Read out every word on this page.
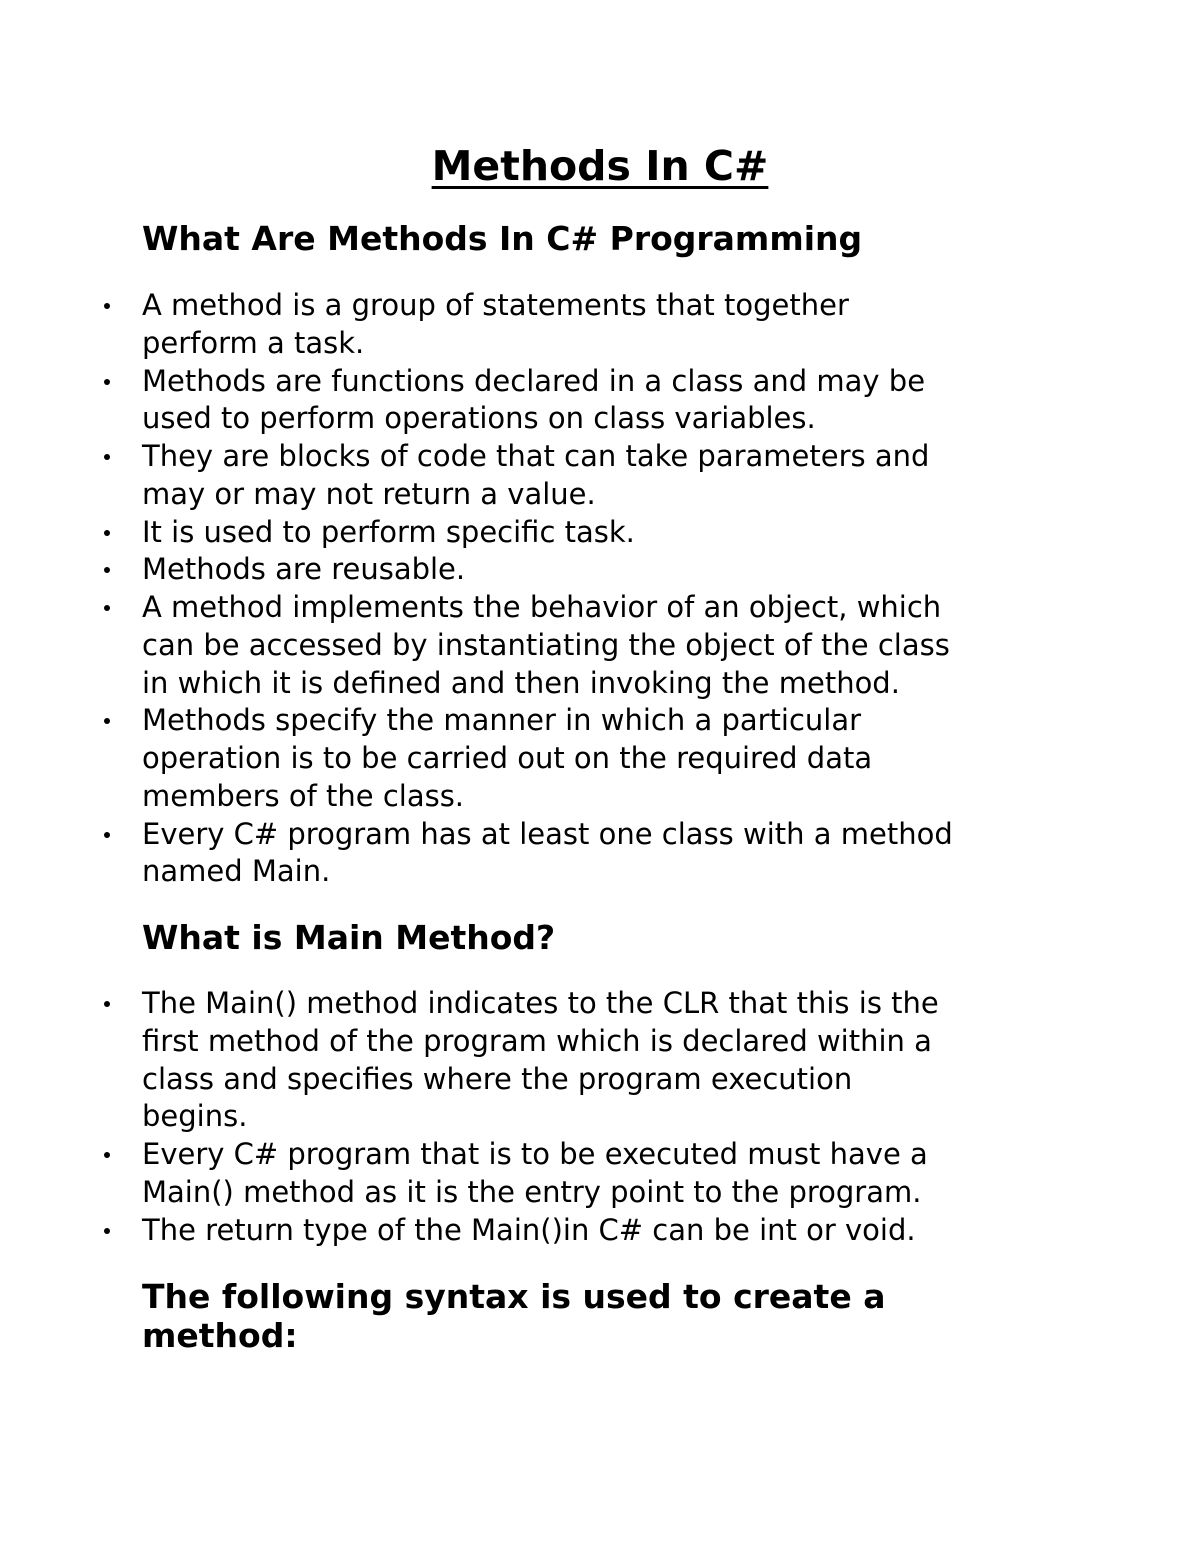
Methods In C#
What Are Methods In C# Programming
A method is a group of statements that together
perform a task.
Methods are functions declared in a class and may be
used to perform operations on class variables.
They are blocks of code that can take parameters and
may or may not return a value.
It is used to perform specific task.
Methods are reusable.
A method implements the behavior of an object, which
can be accessed by instantiating the object of the class
in which it is defined and then invoking the method.
Methods specify the manner in which a particular
operation is to be carried out on the required data
members of the class.
Every C# program has at least one class with a method
named Main.
What is Main Method?
The Main() method indicates to the CLR that this is the
first method of the program which is declared within a
class and specifies where the program execution
begins.
Every C# program that is to be executed must have a
Main() method as it is the entry point to the program.
The return type of the Main()in C# can be int or void.
The following syntax is used to create a
method:
